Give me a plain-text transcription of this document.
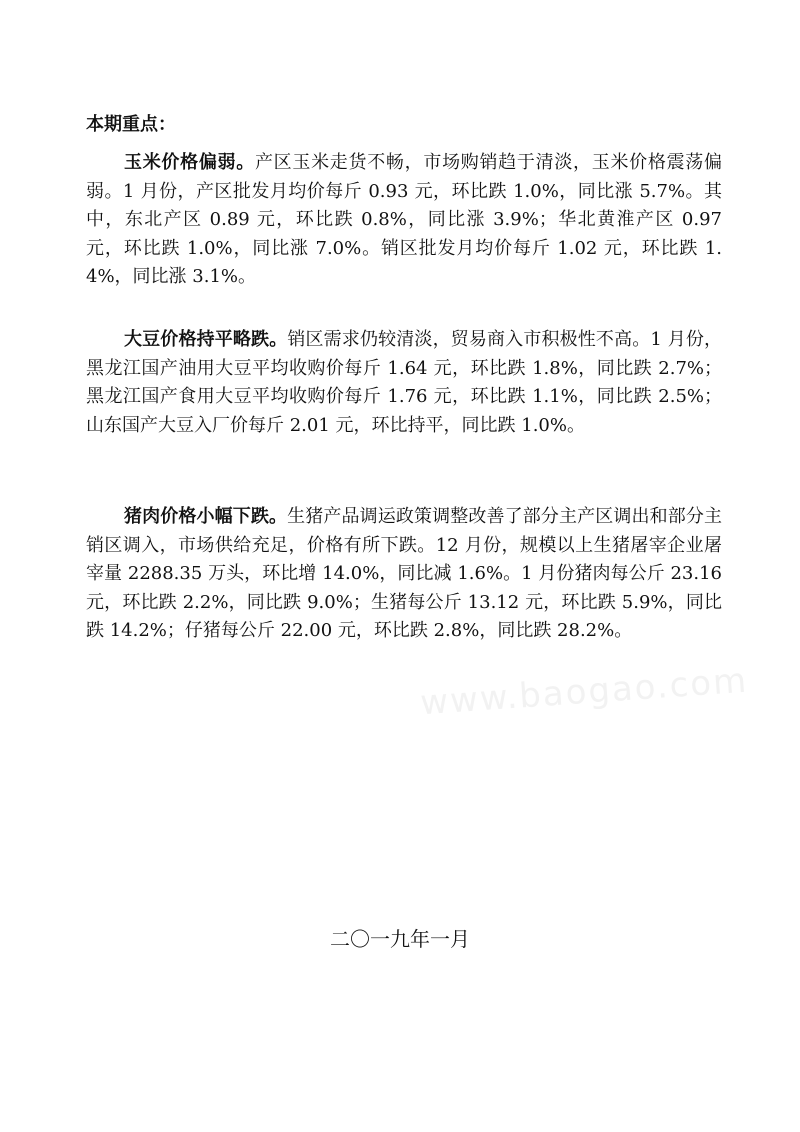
本期重点：

玉米价格偏弱。产区玉米走货不畅，市场购销趋于清淡，玉米价格震荡偏弱。1 月份，产区批发月均价每斤 0.93 元，环比跌 1.0%，同比涨 5.7%。其中，东北产区 0.89 元，环比跌 0.8%，同比涨 3.9%；华北黄淮产区 0.97 元，环比跌 1.0%，同比涨 7.0%。销区批发月均价每斤 1.02 元，环比跌 1.4%，同比涨 3.1%。

大豆价格持平略跌。销区需求仍较清淡，贸易商入市积极性不高。1 月份，黑龙江国产油用大豆平均收购价每斤 1.64 元，环比跌 1.8%，同比跌 2.7%；黑龙江国产食用大豆平均收购价每斤 1.76 元，环比跌 1.1%，同比跌 2.5%；山东国产大豆入厂价每斤 2.01 元，环比持平，同比跌 1.0%。

猪肉价格小幅下跌。生猪产品调运政策调整改善了部分主产区调出和部分主销区调入，市场供给充足，价格有所下跌。12 月份，规模以上生猪屠宰企业屠宰量 2288.35 万头，环比增 14.0%，同比减 1.6%。1 月份猪肉每公斤 23.16 元，环比跌 2.2%，同比跌 9.0%；生猪每公斤 13.12 元，环比跌 5.9%，同比跌 14.2%；仔猪每公斤 22.00 元，环比跌 2.8%，同比跌 28.2%。

www.baogao.com

二〇一九年一月
